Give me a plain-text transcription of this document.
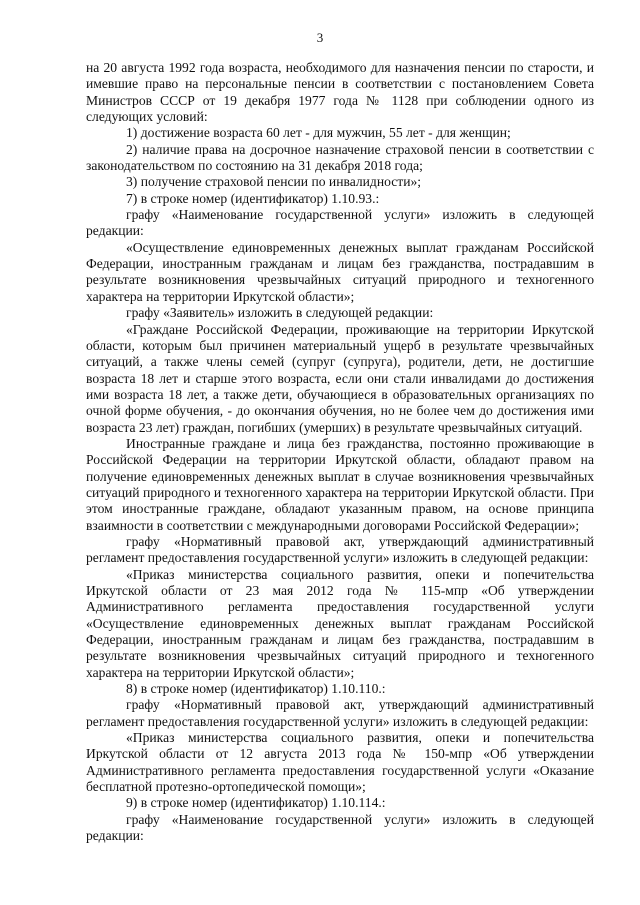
3

на 20 августа 1992 года возраста, необходимого для назначения пенсии по старости, и имевшие право на персональные пенсии в соответствии с постановлением Совета Министров СССР от 19 декабря 1977 года № 1128 при соблюдении одного из следующих условий:

1) достижение возраста 60 лет - для мужчин, 55 лет - для женщин;

2) наличие права на досрочное назначение страховой пенсии в соответствии с законодательством по состоянию на 31 декабря 2018 года;

3) получение страховой пенсии по инвалидности»;

7) в строке номер (идентификатор) 1.10.93.:

графу «Наименование государственной услуги» изложить в следующей редакции:

«Осуществление единовременных денежных выплат гражданам Российской Федерации, иностранным гражданам и лицам без гражданства, пострадавшим в результате возникновения чрезвычайных ситуаций природного и техногенного характера на территории Иркутской области»;

графу «Заявитель» изложить в следующей редакции:

«Граждане Российской Федерации, проживающие на территории Иркутской области, которым был причинен материальный ущерб в результате чрезвычайных ситуаций, а также члены семей (супруг (супруга), родители, дети, не достигшие возраста 18 лет и старше этого возраста, если они стали инвалидами до достижения ими возраста 18 лет, а также дети, обучающиеся в образовательных организациях по очной форме обучения, - до окончания обучения, но не более чем до достижения ими возраста 23 лет) граждан, погибших (умерших) в результате чрезвычайных ситуаций.

Иностранные граждане и лица без гражданства, постоянно проживающие в Российской Федерации на территории Иркутской области, обладают правом на получение единовременных денежных выплат в случае возникновения чрезвычайных ситуаций природного и техногенного характера на территории Иркутской области. При этом иностранные граждане, обладают указанным правом, на основе принципа взаимности в соответствии с международными договорами Российской Федерации»;

графу «Нормативный правовой акт, утверждающий административный регламент предоставления государственной услуги» изложить в следующей редакции:

«Приказ министерства социального развития, опеки и попечительства Иркутской области от 23 мая 2012 года № 115-мпр «Об утверждении Административного регламента предоставления государственной услуги «Осуществление единовременных денежных выплат гражданам Российской Федерации, иностранным гражданам и лицам без гражданства, пострадавшим в результате возникновения чрезвычайных ситуаций природного и техногенного характера на территории Иркутской области»;

8) в строке номер (идентификатор) 1.10.110.:

графу «Нормативный правовой акт, утверждающий административный регламент предоставления государственной услуги» изложить в следующей редакции:

«Приказ министерства социального развития, опеки и попечительства Иркутской области от 12 августа 2013 года № 150-мпр «Об утверждении Административного регламента предоставления государственной услуги «Оказание бесплатной протезно-ортопедической помощи»;

9) в строке номер (идентификатор) 1.10.114.:

графу «Наименование государственной услуги» изложить в следующей редакции:
